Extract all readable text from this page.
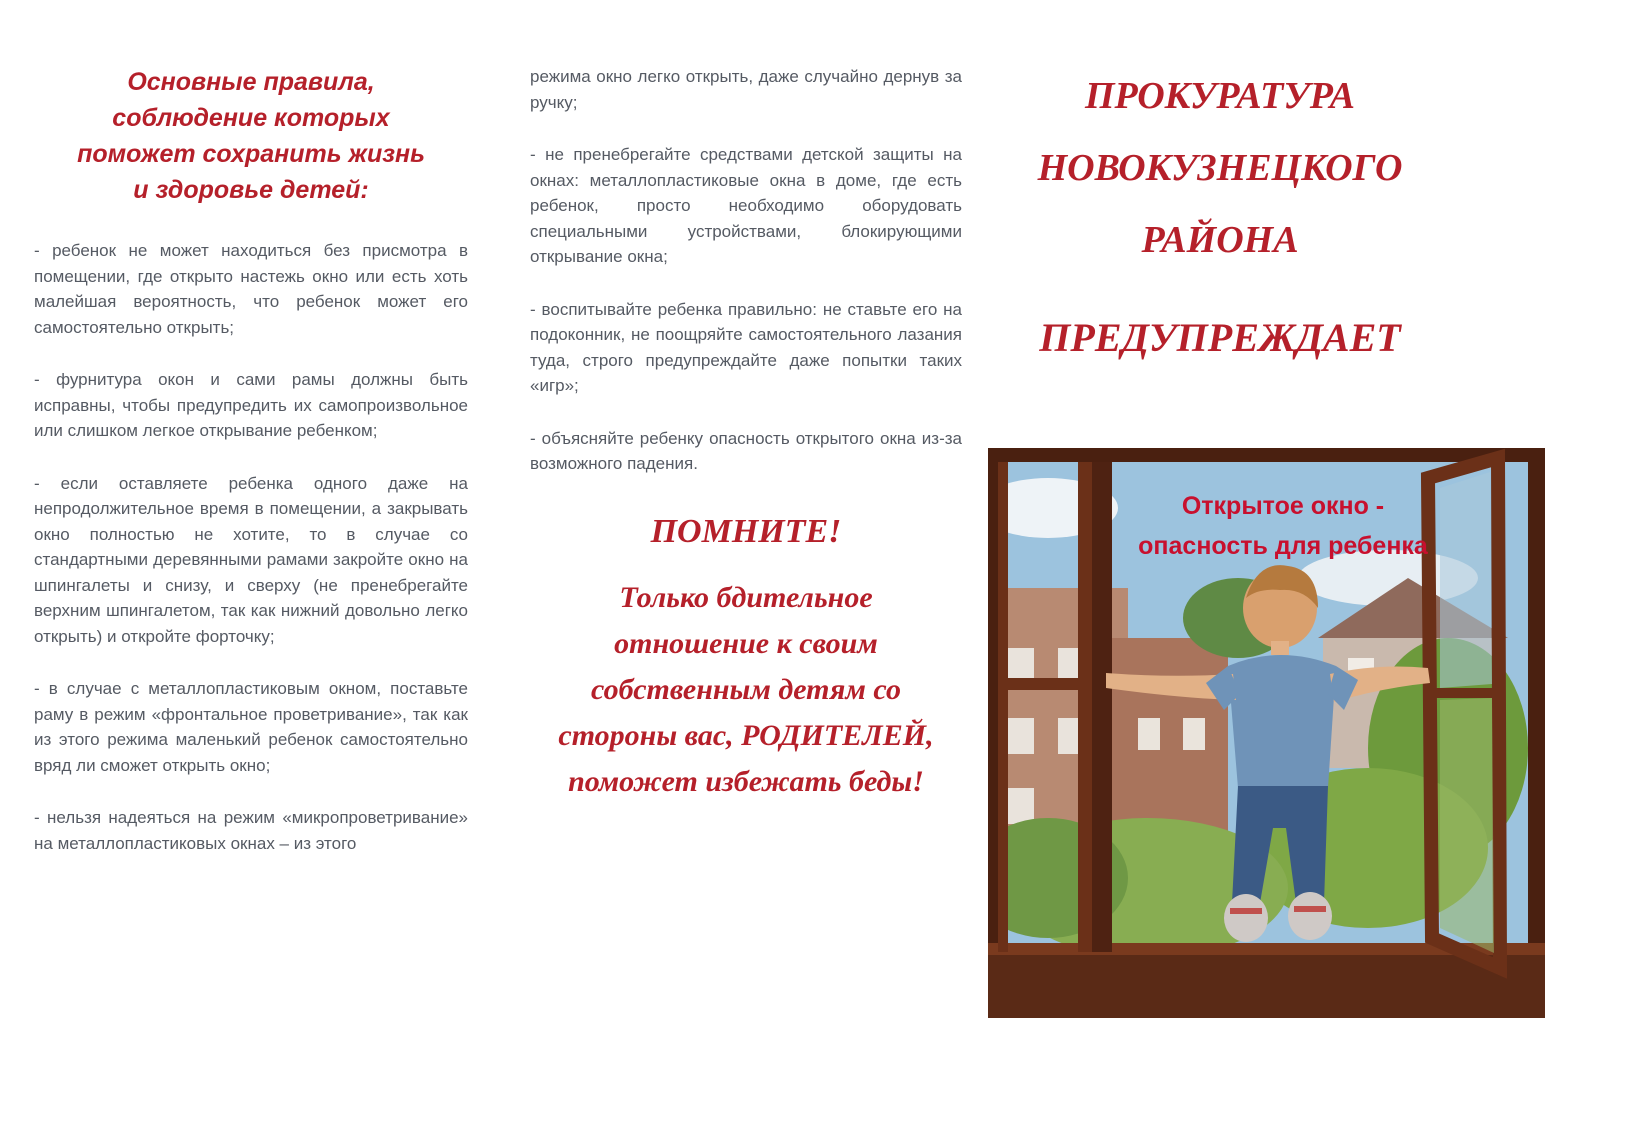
Основные правила,
соблюдение которых
поможет сохранить жизнь
и здоровье детей:

- ребенок не может находиться без присмотра в помещении, где открыто настежь окно или есть хоть малейшая вероятность, что ребенок может его самостоятельно открыть;

- фурнитура окон и сами рамы должны быть исправны, чтобы предупредить их самопроизвольное или слишком легкое открывание ребенком;

- если оставляете ребенка одного даже на непродолжительное время в помещении, а закрывать окно полностью не хотите, то в случае со стандартными деревянными рамами закройте окно на шпингалеты и снизу, и сверху (не пренебрегайте верхним шпингалетом, так как нижний довольно легко открыть) и откройте форточку;

- в случае с металлопластиковым окном, поставьте раму в режим «фронтальное проветривание», так как из этого режима маленький ребенок самостоятельно вряд ли сможет открыть окно;

- нельзя надеяться на режим «микропроветривание» на металлопластиковых окнах – из этого

режима окно легко открыть, даже случайно дернув за ручку;

- не пренебрегайте средствами детской защиты на окнах: металлопластиковые окна в доме, где есть ребенок, просто необходимо оборудовать специальными устройствами, блокирующими открывание окна;

- воспитывайте ребенка правильно: не ставьте его на подоконник, не поощряйте самостоятельного лазания туда, строго предупреждайте даже попытки таких «игр»;

- объясняйте ребенку опасность открытого окна из-за возможного падения.

ПОМНИТЕ!
Только бдительное
отношение к своим
собственным детям со
стороны вас, РОДИТЕЛЕЙ,
поможет избежать беды!
ПРОКУРАТУРА
НОВОКУЗНЕЦКОГО
РАЙОНА
ПРЕДУПРЕЖДАЕТ
Открытое окно -
опасность для ребенка
